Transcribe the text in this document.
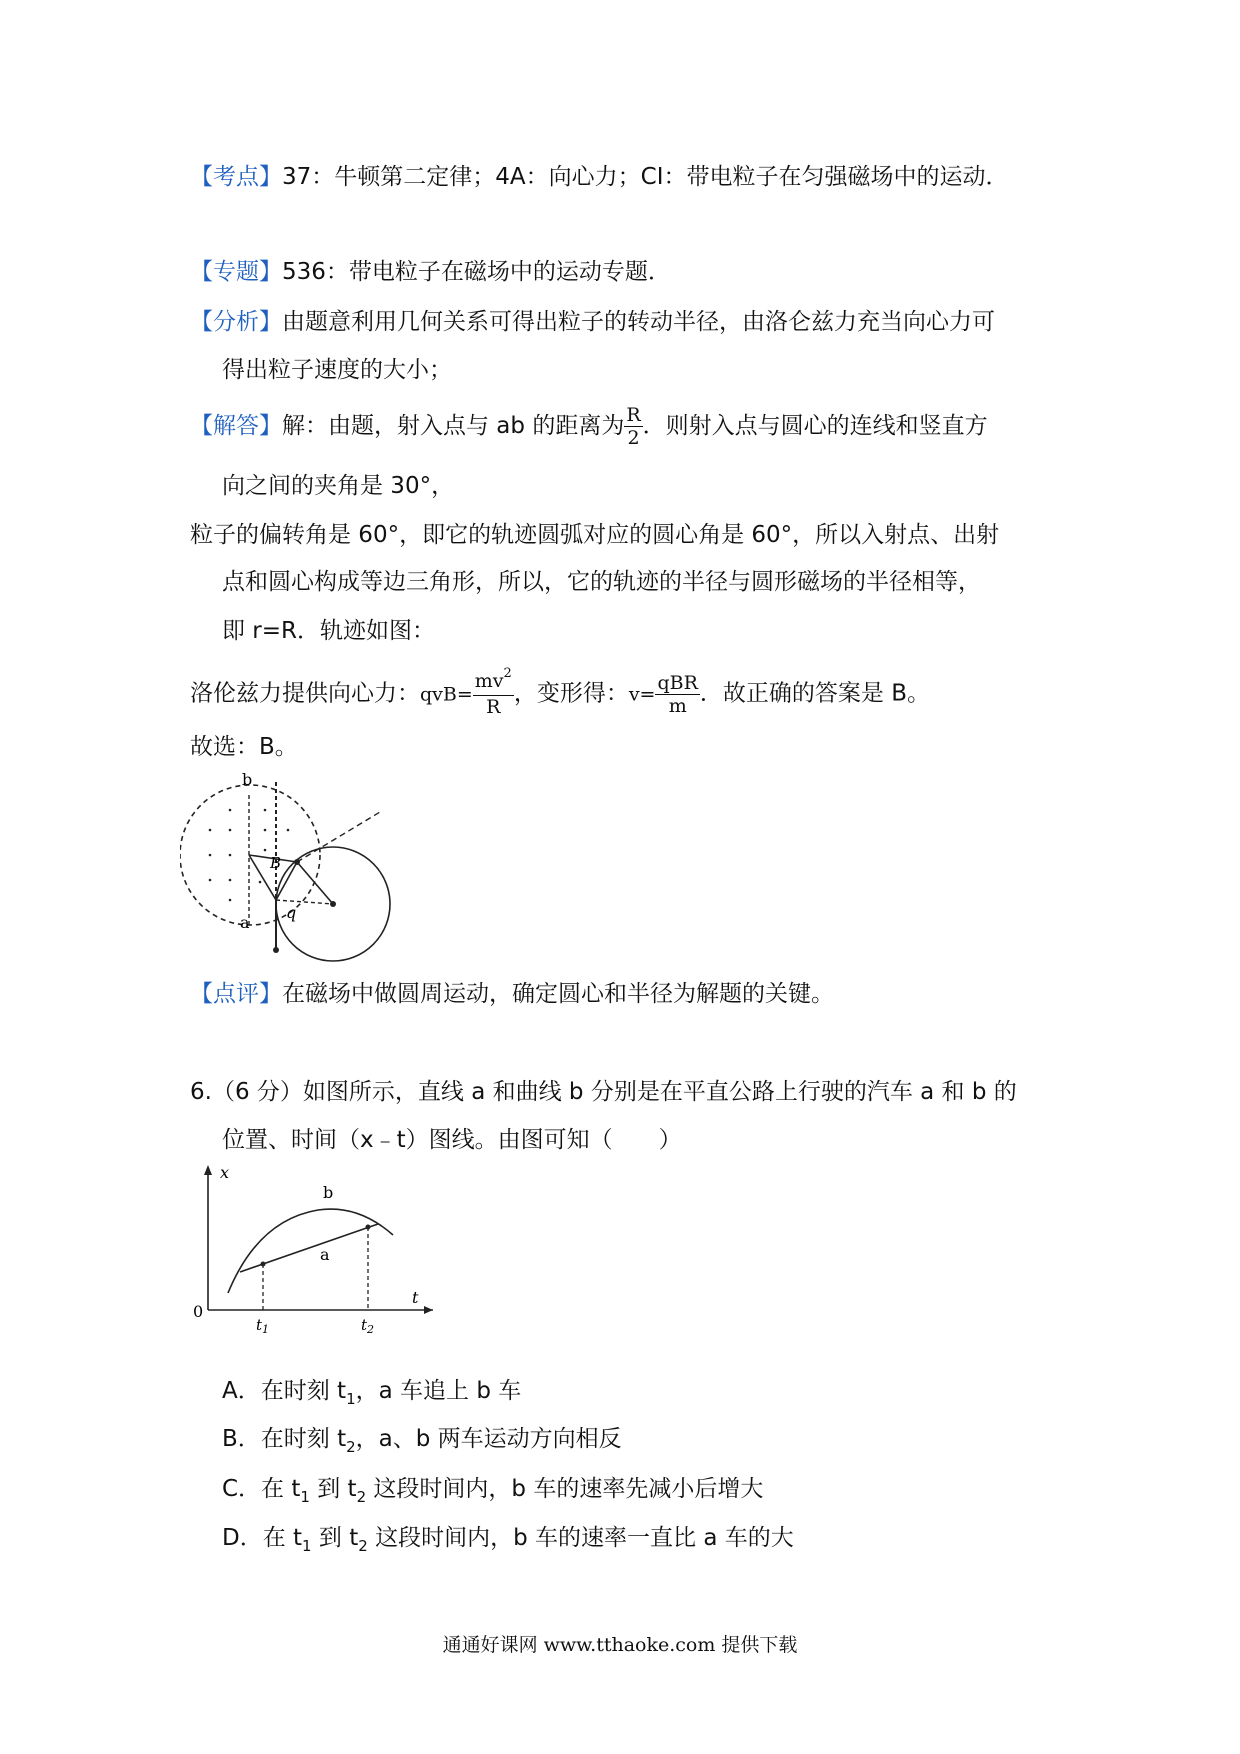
【考点】37：牛顿第二定律；4A：向心力；CI：带电粒子在匀强磁场中的运动．
【专题】536：带电粒子在磁场中的运动专题．
【分析】由题意利用几何关系可得出粒子的转动半径，由洛仑兹力充当向心力可
得出粒子速度的大小；
【解答】解：由题，射入点与 ab 的距离为 $\frac{R}{2}$ ．则射入点与圆心的连线和竖直方
向之间的夹角是 30°，
粒子的偏转角是 60°，即它的轨迹圆弧对应的圆心角是 60°，所以入射点、出射
点和圆心构成等边三角形，所以，它的轨迹的半径与圆形磁场的半径相等，
即 r=R．轨迹如图：
洛伦兹力提供向心力：$qvB= \frac{mv^2}{R}$ ，变形得：$v= \frac{\text{qBR}}{m}$ ．故正确的答案是 B。
故选：B。
b
a
B
q
【点评】在磁场中做圆周运动，确定圆心和半径为解题的关键。
6.（6 分）如图所示，直线 a 和曲线 b 分别是在平直公路上行驶的汽车 a 和 b 的
位置、时间（x﹣t）图线。由图可知（　　）
x
t
0
b
a
$t_1$	$t_2$
A．在时刻 $t_1$，a 车追上 b 车
B．在时刻 $t_2$，a、b 两车运动方向相反
C．在 $t_1$ 到 $t_2$ 这段时间内，b 车的速率先减小后增大
D．在 $t_1$ 到 $t_2$ 这段时间内，b 车的速率一直比 a 车的大
通通好课网 www.tthaoke.com 提供下载
